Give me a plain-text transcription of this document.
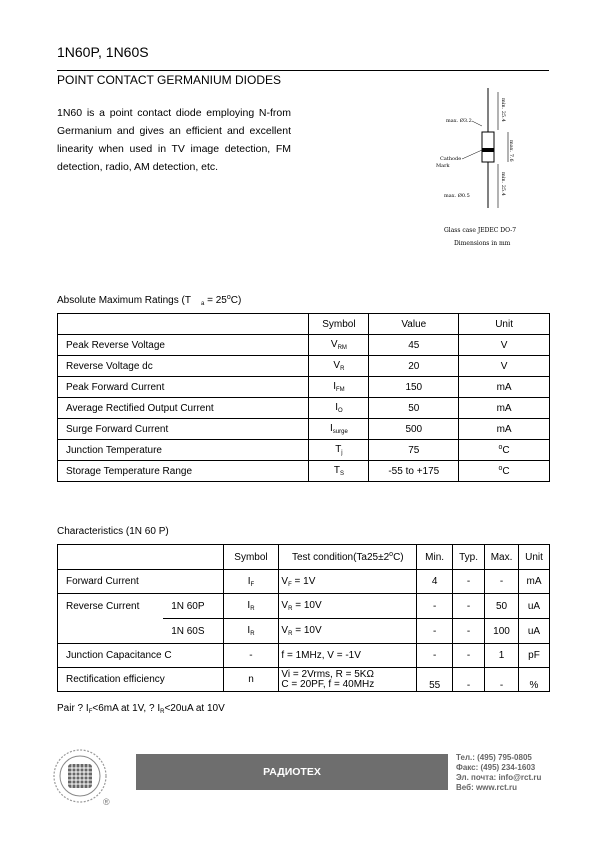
1N60P, 1N60S
POINT CONTACT GERMANIUM DIODES
1N60 is a point contact diode employing N-from Germanium and gives an efficient and excellent linearity when used in TV image detection, FM detection, radio, AM detection, etc.
min. 25.4
max. 7.6
min. 25.4
max. Ø3.2
Cathode
Mark
max. Ø0.5
Glass case JEDEC DO-7
Dimensions in mm
Absolute Maximum Ratings (T  $_a = 25^oC$)
	Symbol	Value	Unit
Peak Reverse Voltage	$V_{RM}$	45	V
Reverse Voltage dc	$V_R$	20	V
Peak Forward Current	$I_{FM}$	150	mA
Average Rectified Output Current	$I_O$	50	mA
Surge Forward Current	$I_{surge}$	500	mA
Junction Temperature	$T_j$	75	$^o$C
Storage Temperature Range	$T_S$	-55 to +175	$^o$C
Characteristics (1N 60 P)
		Symbol	Test $condition(Ta25\pm 2^oC)$	Min.	Typ.	Max.	Unit
Forward Current		$I_F$	$V_F = 1V$	4	-	-	mA
Reverse Current	1N 60P	$I_R$	$V_R = 10V$	-	-	50	uA
	1N 60S	$I_R$	$V_R = 10V$	-	-	100	uA
Junction Capacitance C		-	f = 1MHz, V = -1V	-	-	1	pF
Rectification efficiency		n	Vi = 2Vrms, R = 5KΩ
C = 20PF, f = 40MHz	55	-	-	%
Pair ? $I_F<6mA$ at 1V, ? $I_R<20uA$ at 10V
®
РАДИОТЕХ
Тел.: (495) 795-0805
Факс: (495) 234-1603
Эл. почта: info@rct.ru
Веб: www.rct.ru
